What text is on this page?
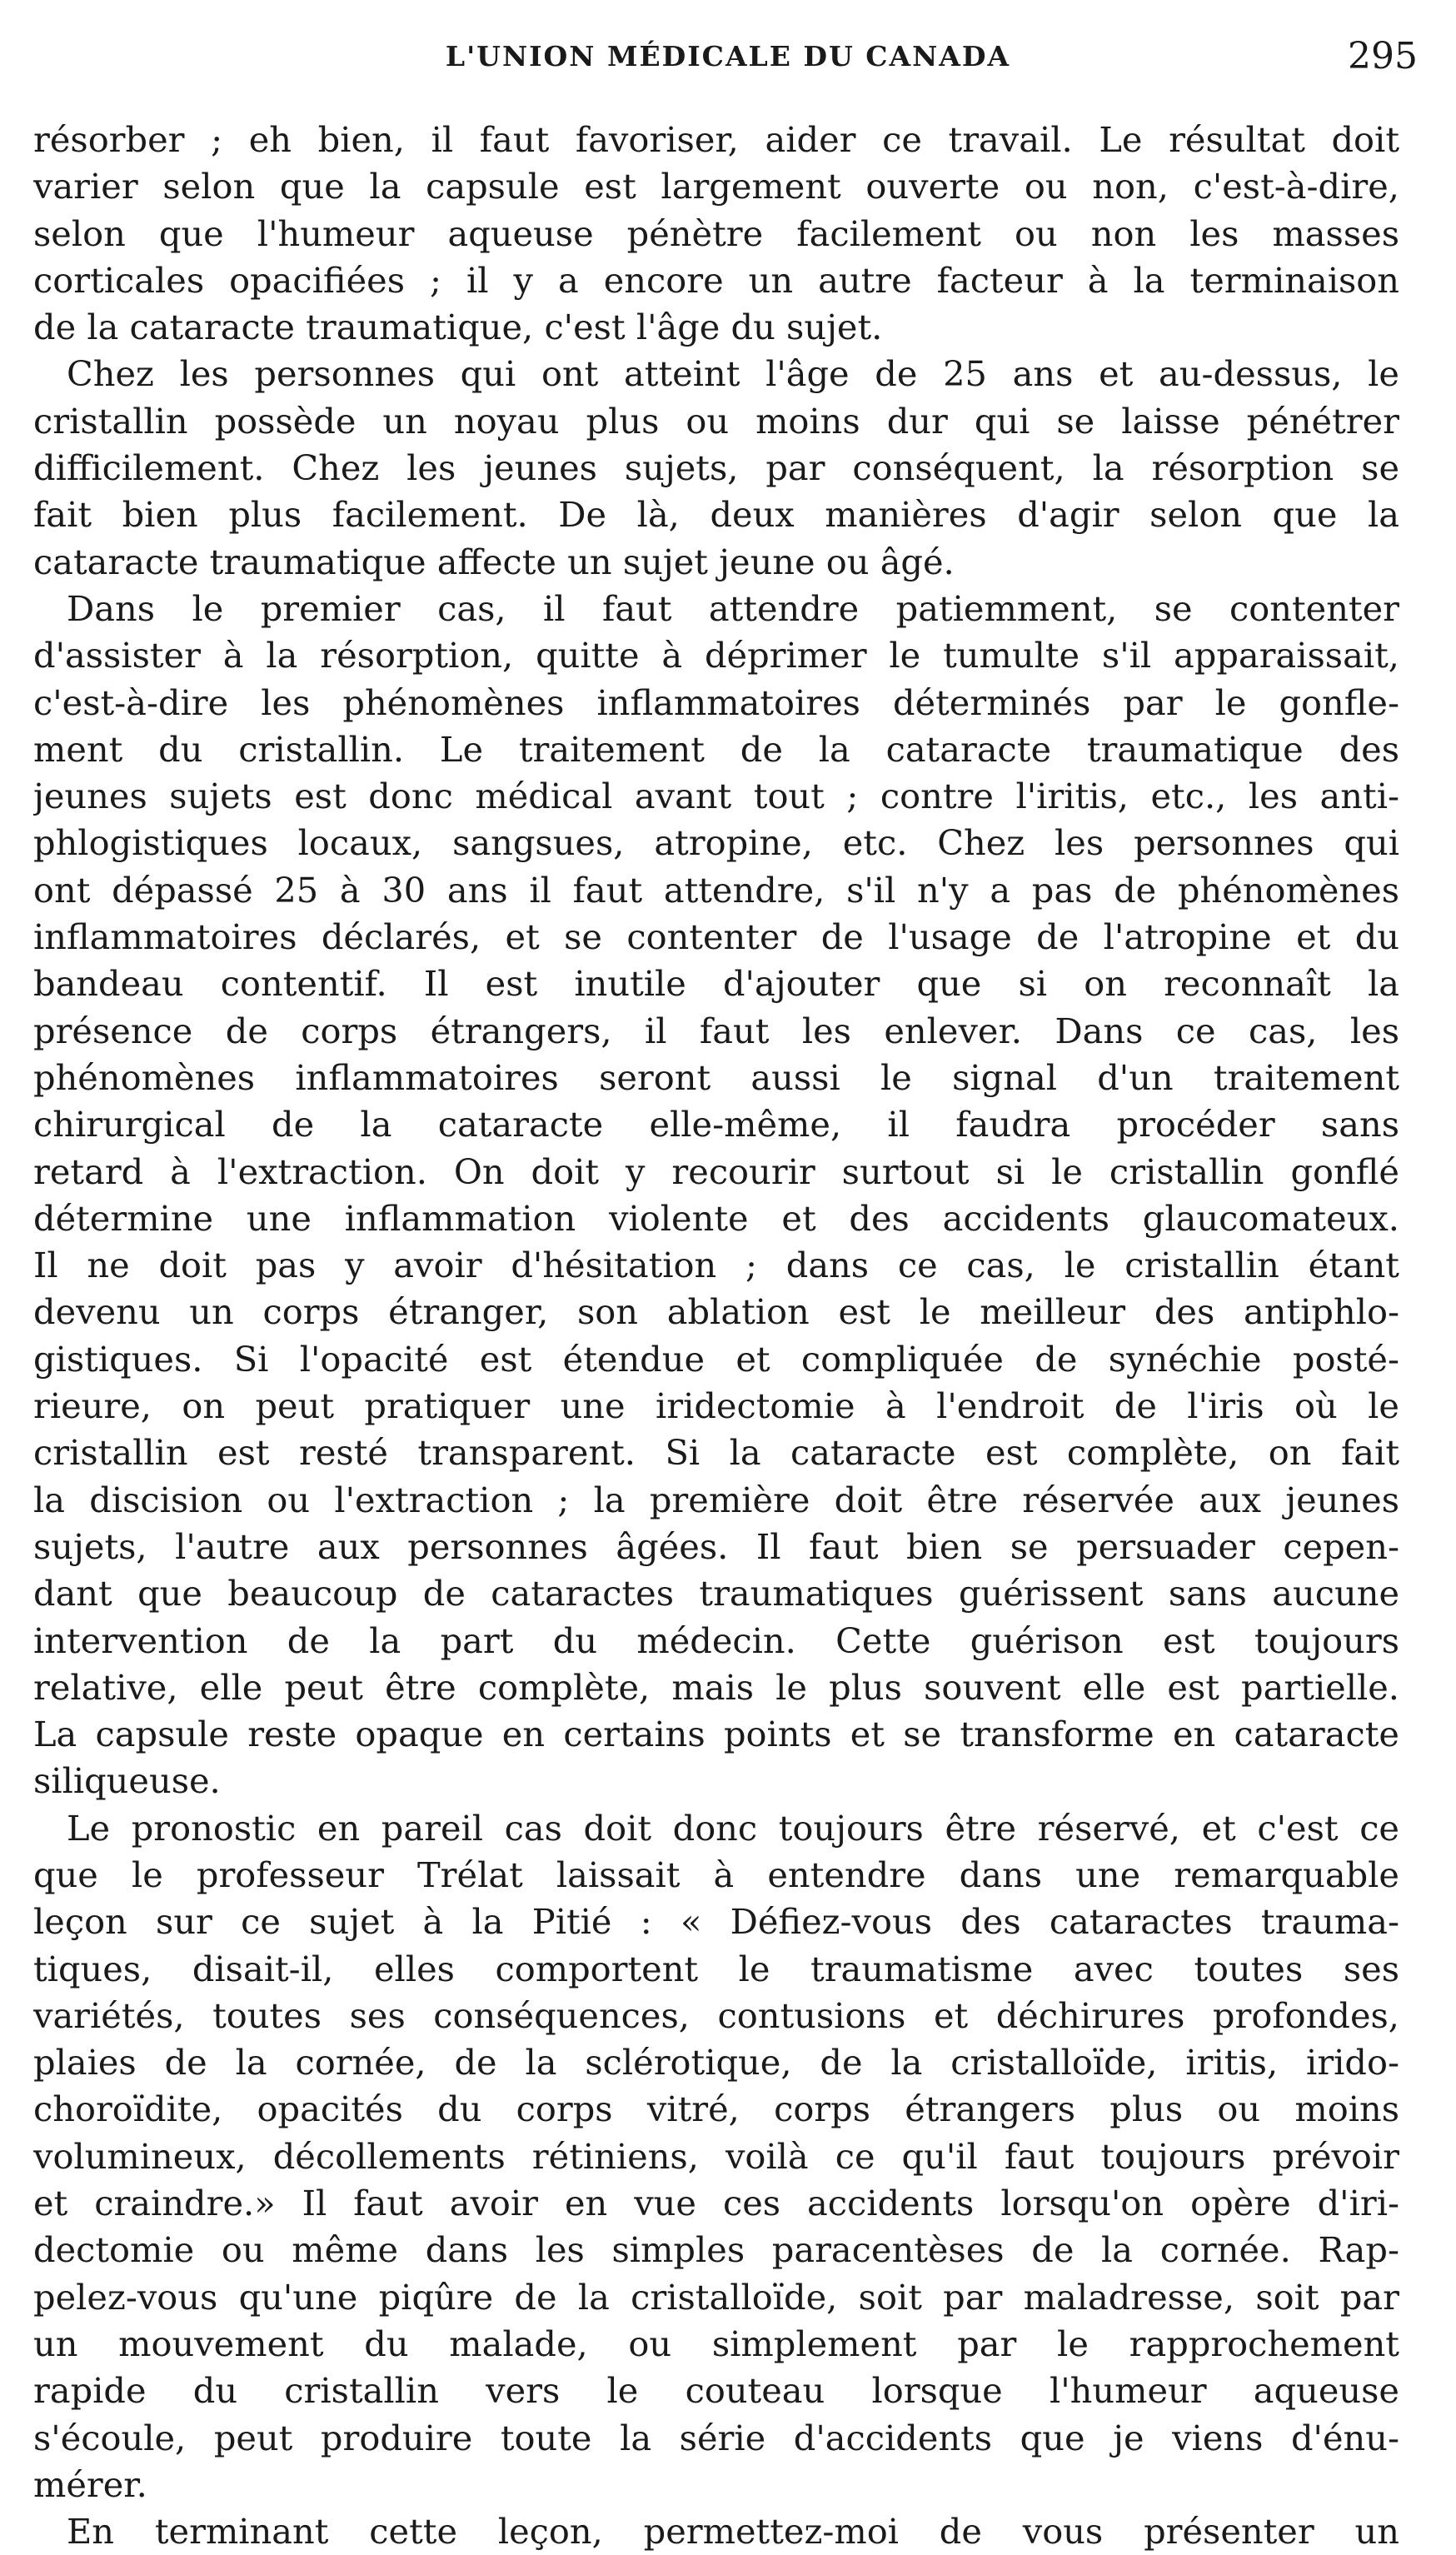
L'UNION MÉDICALE DU CANADA	295
résorber ; eh bien, il faut favoriser, aider ce travail. Le résultat doit
varier selon que la capsule est largement ouverte ou non, c'est-à-dire,
selon que l'humeur aqueuse pénètre facilement ou non les masses
corticales opacifiées ; il y a encore un autre facteur à la terminaison
de la cataracte traumatique, c'est l'âge du sujet.
Chez les personnes qui ont atteint l'âge de 25 ans et au-dessus, le
cristallin possède un noyau plus ou moins dur qui se laisse pénétrer
difficilement. Chez les jeunes sujets, par conséquent, la résorption se
fait bien plus facilement. De là, deux manières d'agir selon que la
cataracte traumatique affecte un sujet jeune ou âgé.
Dans le premier cas, il faut attendre patiemment, se contenter
d'assister à la résorption, quitte à déprimer le tumulte s'il apparaissait,
c'est-à-dire les phénomènes inflammatoires déterminés par le gonfle-
ment du cristallin. Le traitement de la cataracte traumatique des
jeunes sujets est donc médical avant tout ; contre l'iritis, etc., les anti-
phlogistiques locaux, sangsues, atropine, etc. Chez les personnes qui
ont dépassé 25 à 30 ans il faut attendre, s'il n'y a pas de phénomènes
inflammatoires déclarés, et se contenter de l'usage de l'atropine et du
bandeau contentif. Il est inutile d'ajouter que si on reconnaît la
présence de corps étrangers, il faut les enlever. Dans ce cas, les
phénomènes inflammatoires seront aussi le signal d'un traitement
chirurgical de la cataracte elle-même, il faudra procéder sans
retard à l'extraction. On doit y recourir surtout si le cristallin gonflé
détermine une inflammation violente et des accidents glaucomateux.
Il ne doit pas y avoir d'hésitation ; dans ce cas, le cristallin étant
devenu un corps étranger, son ablation est le meilleur des antiphlo-
gistiques. Si l'opacité est étendue et compliquée de synéchie posté-
rieure, on peut pratiquer une iridectomie à l'endroit de l'iris où le
cristallin est resté transparent. Si la cataracte est complète, on fait
la discision ou l'extraction ; la première doit être réservée aux jeunes
sujets, l'autre aux personnes âgées. Il faut bien se persuader cepen-
dant que beaucoup de cataractes traumatiques guérissent sans aucune
intervention de la part du médecin. Cette guérison est toujours
relative, elle peut être complète, mais le plus souvent elle est partielle.
La capsule reste opaque en certains points et se transforme en cataracte
siliqueuse.
Le pronostic en pareil cas doit donc toujours être réservé, et c'est ce
que le professeur Trélat laissait à entendre dans une remarquable
leçon sur ce sujet à la Pitié : « Défiez-vous des cataractes trauma-
tiques, disait-il, elles comportent le traumatisme avec toutes ses
variétés, toutes ses conséquences, contusions et déchirures profondes,
plaies de la cornée, de la sclérotique, de la cristalloïde, iritis, irido-
choroïdite, opacités du corps vitré, corps étrangers plus ou moins
volumineux, décollements rétiniens, voilà ce qu'il faut toujours prévoir
et craindre.» Il faut avoir en vue ces accidents lorsqu'on opère d'iri-
dectomie ou même dans les simples paracentèses de la cornée. Rap-
pelez-vous qu'une piqûre de la cristalloïde, soit par maladresse, soit par
un mouvement du malade, ou simplement par le rapprochement
rapide du cristallin vers le couteau lorsque l'humeur aqueuse
s'écoule, peut produire toute la série d'accidents que je viens d'énu-
mérer.
En terminant cette leçon, permettez-moi de vous présenter un
